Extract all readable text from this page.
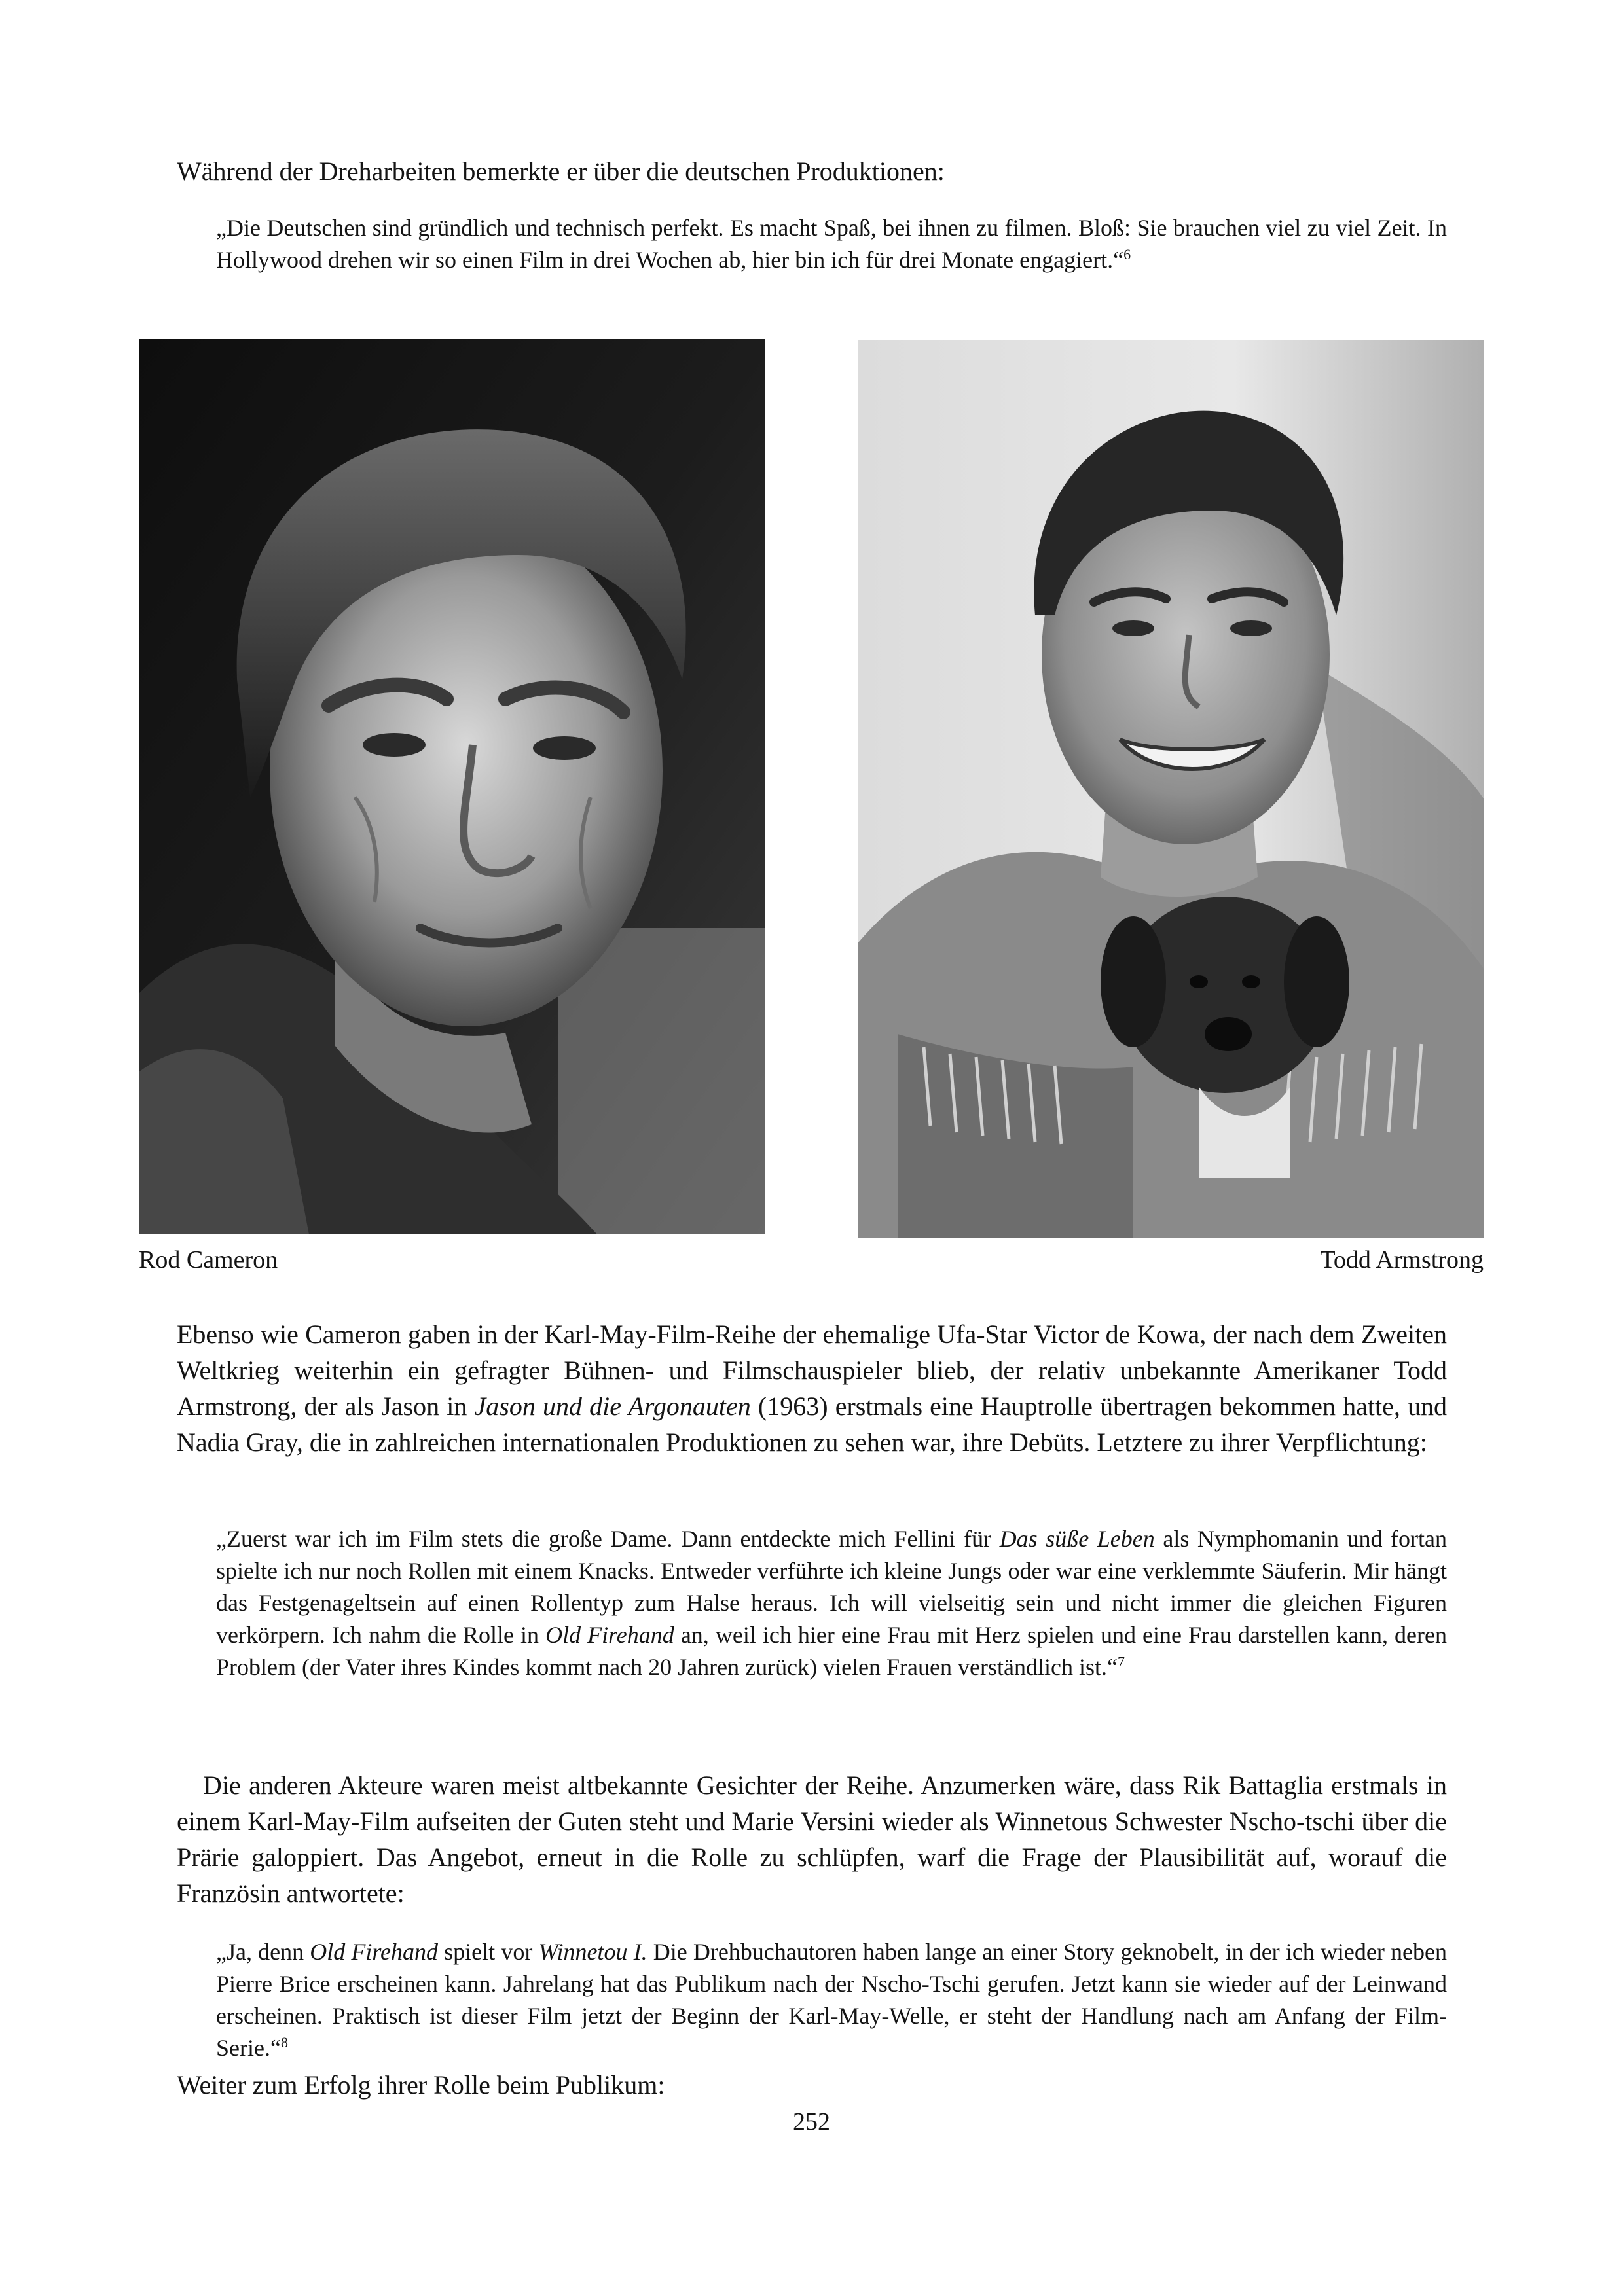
Während der Dreharbeiten bemerkte er über die deutschen Produktionen:
„Die Deutschen sind gründlich und technisch perfekt. Es macht Spaß, bei ihnen zu filmen. Bloß: Sie brauchen viel zu viel Zeit. In Hollywood drehen wir so einen Film in drei Wochen ab, hier bin ich für drei Monate engagiert.“$^6$
Rod Cameron	Todd Armstrong
Ebenso wie Cameron gaben in der Karl-May-Film-Reihe der ehemalige Ufa-Star Victor de Kowa, der nach dem Zweiten Weltkrieg weiterhin ein gefragter Bühnen- und Filmschauspieler blieb, der relativ unbekannte Amerikaner Todd Armstrong, der als Jason in Jason und die Argonauten (1963) erstmals eine Hauptrolle übertragen bekommen hatte, und Nadia Gray, die in zahlreichen internationalen Produktionen zu sehen war, ihre Debüts. Letztere zu ihrer Verpflichtung:
„Zuerst war ich im Film stets die große Dame. Dann entdeckte mich Fellini für Das süße Leben als Nymphomanin und fortan spielte ich nur noch Rollen mit einem Knacks. Entweder verführte ich kleine Jungs oder war eine verklemmte Säuferin. Mir hängt das Festgenageltsein auf einen Rollentyp zum Halse heraus. Ich will vielseitig sein und nicht immer die gleichen Figuren verkörpern. Ich nahm die Rolle in Old Firehand an, weil ich hier eine Frau mit Herz spielen und eine Frau darstellen kann, deren Problem (der Vater ihres Kindes kommt nach 20 Jahren zurück) vielen Frauen verständlich ist.“$^7$
Die anderen Akteure waren meist altbekannte Gesichter der Reihe. Anzumerken wäre, dass Rik Battaglia erstmals in einem Karl-May-Film aufseiten der Guten steht und Marie Versini wieder als Winnetous Schwester Nscho-tschi über die Prärie galoppiert. Das Angebot, erneut in die Rolle zu schlüpfen, warf die Frage der Plausibilität auf, worauf die Französin antwortete:
„Ja, denn Old Firehand spielt vor Winnetou I. Die Drehbuchautoren haben lange an einer Story geknobelt, in der ich wieder neben Pierre Brice erscheinen kann. Jahrelang hat das Publikum nach der Nscho-Tschi gerufen. Jetzt kann sie wieder auf der Leinwand erscheinen. Praktisch ist dieser Film jetzt der Beginn der Karl-May-Welle, er steht der Handlung nach am Anfang der Film-Serie.“$^8$
Weiter zum Erfolg ihrer Rolle beim Publikum:
252
